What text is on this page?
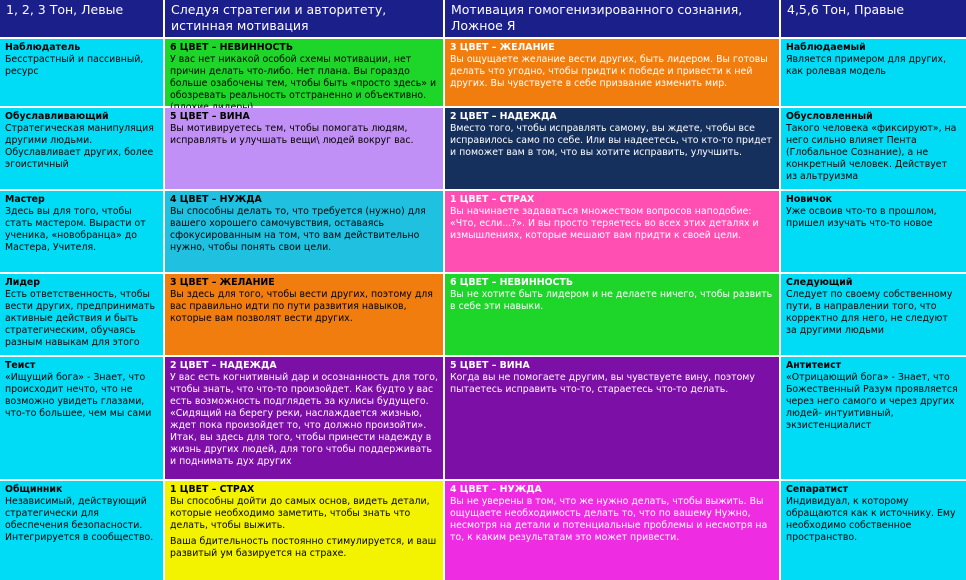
1, 2, 3 Тон, Левые	Следуя стратегии и авторитету, истинная мотивация
Мотивация гомогенизированного сознания, Ложное Я
4,5,6 Тон, Правые
Наблюдатель
Бесстрастный и пассивный, ресурс
6 ЦВЕТ – НЕВИННОСТЬ
У вас нет никакой особой схемы мотивации, нет причин делать что-либо. Нет плана. Вы гораздо больше озабочены тем, чтобы быть «просто здесь» и обозревать реальность отстраненно и объективно.
3 ЦВЕТ – ЖЕЛАНИЕ
Вы ощущаете желание вести других, быть лидером. Вы готовы делать что угодно, чтобы придти к победе и привести к ней других. Вы чувствуете в себе призвание изменить мир.
Наблюдаемый
Является примером для других, как ролевая модель
Обуславливающий
Стратегическая манипуляция другими людьми. Обуславливает других, более эгоистичный
5 ЦВЕТ – ВИНА
Вы мотивируетесь тем, чтобы помогать людям, исправлять и улучшать вещи\ людей вокруг вас.
2 ЦВЕТ – НАДЕЖДА
Вместо того, чтобы исправлять самому, вы ждете, чтобы все исправилось само по себе. Или вы надеетесь, что кто-то придет и поможет вам в том, что вы хотите исправить, улучшить.
Обусловленный
Такого человека «фиксируют», на него сильно влияет Пента (Глобальное Сознание), а не конкретный человек. Действует из альтруизма
Мастер
Здесь вы для того, чтобы стать мастером. Вырасти от ученика, «новобранца» до Мастера, Учителя.
4 ЦВЕТ – НУЖДА
Вы способны делать то, что требуется (нужно) для вашего хорошего самочувствия, оставаясь сфокусированным на том, что вам действительно нужно, чтобы понять свои цели.
1 ЦВЕТ – СТРАХ
Вы начинаете задаваться множеством вопросов наподобие: «Что, если...?». И вы просто теряетесь во всех этих деталях и измышлениях, которые мешают вам придти к своей цели.
Новичок
Уже освоив что-то в прошлом, пришел изучать что-то новое
Лидер
Есть ответственность, чтобы вести других, предпринимать активные действия и быть стратегическим, обучаясь разным навыкам для этого
3 ЦВЕТ – ЖЕЛАНИЕ
Вы здесь для того, чтобы вести других, поэтому для вас правильно идти по пути развития навыков, которые вам позволят вести других.
6 ЦВЕТ – НЕВИННОСТЬ
Вы не хотите быть лидером и не делаете ничего, чтобы развить в себе эти навыки.
Следующий
Следует по своему собственному пути, в направлении того, что корректно для него, не следуют за другими людьми
Теист
«Ищущий бога» - Знает, что происходит нечто, что не возможно увидеть глазами, что-то большее, чем мы сами
2 ЦВЕТ – НАДЕЖДА
У вас есть когнитивный дар и осознанность для того, чтобы знать, что что-то произойдет. Как будто у вас есть возможность подглядеть за кулисы будущего. «Сидящий на берегу реки, наслаждается жизнью, ждет пока произойдет то, что должно произойти». Итак, вы здесь для того, чтобы принести надежду в жизнь других людей, для того чтобы поддерживать и поднимать дух других
5 ЦВЕТ – ВИНА
Когда вы не помогаете другим, вы чувствуете вину, поэтому пытаетесь исправить что-то, стараетесь что-то делать.
Антитеист
«Отрицающий бога» - Знает, что Божественный Разум проявляется через него самого и через других людей- интуитивный, экзистенциалист
Общинник
Независимый, действующий стратегически для обеспечения безопасности. Интегрируется в сообщество.
1 ЦВЕТ – СТРАХ
Вы способны дойти до самых основ, видеть детали, которые необходимо заметить, чтобы знать что делать, чтобы выжить.
Ваша бдительность постоянно стимулируется, и ваш развитый ум базируется на страхе.
4 ЦВЕТ – НУЖДА
Вы не уверены в том, что же нужно делать, чтобы выжить. Вы ощущаете необходимость делать то, что по вашему Нужно, несмотря на детали и потенциальные проблемы и несмотря на то, к каким результатам это может привести.
Сепаратист
Индивидуал, к которому обращаются как к источнику. Ему необходимо собственное пространство.
